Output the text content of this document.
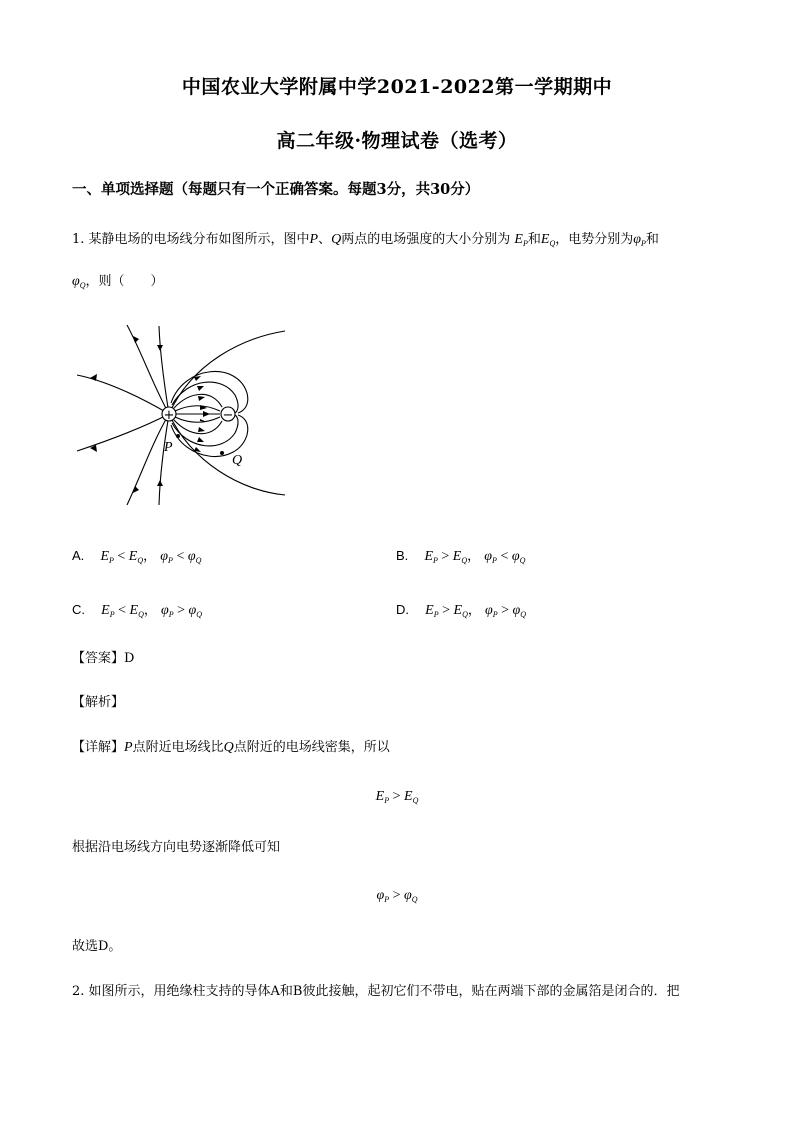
中国农业大学附属中学2021-2022第一学期期中
高二年级·物理试卷（选考）
一、单项选择题（每题只有一个正确答案。每题3分，共30分）
1. 某静电场的电场线分布如图所示，图中P、Q两点的电场强度的大小分别为 $E_P$和$E_Q$，电势分别为$\varphi_P$和
$\varphi_Q$，则（　　）
+	−
P
Q
A. $E_P < E_Q$， $\varphi_P < \varphi_Q$	B. $E_P > E_Q$， $\varphi_P < \varphi_Q$
C. $E_P < E_Q$， $\varphi_P > \varphi_Q$	D. $E_P > E_Q$， $\varphi_P > \varphi_Q$
【答案】D
【解析】
【详解】P点附近电场线比Q点附近的电场线密集，所以
$E_P > E_Q$
根据沿电场线方向电势逐渐降低可知
$\varphi_P > \varphi_Q$
故选D。
2. 如图所示，用绝缘柱支持的导体A和B彼此接触，起初它们不带电，贴在两端下部的金属箔是闭合的．把
